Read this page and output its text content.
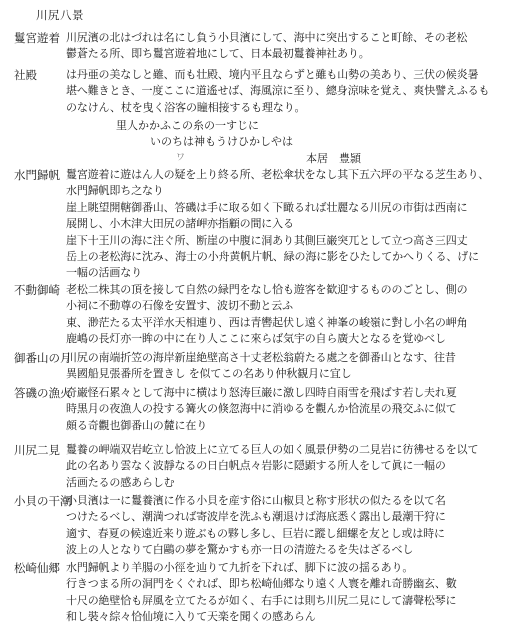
川尻八景
鬘宮遊着 川尻濱の北はづれは名にし負う小貝濱にして、海中に突出すること町餘、その老松
鬱蒼たる所、即ち鬘宮遊着地にして、日本最初鬘養神社あり。
社殿	は丹亜の美なしと雖、而も壮殿、境内平且ならずと雖も山勢の美あり、三伏の候炎暑
堪へ難きとき、一度ここに道遙せば、海風涼に至り、總身涼味を覚え、爽快譬えふるも
のなけん、杖を曳く浴客の瞳相接するも理なり。
水門歸帆 鬘宮遊着に遊はん人の疑を上り終る所、老松傘状をなし其下五六坪の平なる芝生あり、
水門歸帆即ち之なり
崖上眺望開轄御番山、答磯は手に取る如く下瞰るれば壮麗なる川尻の市街は西南に
展開し、小木津大田尻の諸岬亦指顧の間に入る
崖下十王川の海に注ぐ所、断崖の中腹に洞あり其側巨巌突兀として立つ高さ三四丈
岳上の老松海に沈み、海士の小舟黄帆片帆、緑の海に影をひたしてかへりくる、げに
一幅の活画なり
不動御崎 老松二株其の頂を接して自然の緑門をなし恰も遊客を歓迎するもののごとし、側の
小祠に不動尊の石像を安置す、波切不動と云ふ
東、渺茫たる太平洋水天相連り、西は青轡起伏し遠く神峯の峻嶺に對し小名の岬角
鹿嶋の長灯亦一眸の中に在り人ここに來らば気宇の自ら廣大となるを覚ゆべし
御番山の月
川尻の南端折笠の海岸新崖絶壁高さ十丈老松翁蔚たる處之を御番山となす、往昔
異國船見張番所を置きし を似てこの名あり仲秋観月に宜し
答磯の漁火
奇巌怪石累々として海中に横はり怒涛巨巌に激し四時自雨雪を飛ばす若し夫れ夏
時黒月の夜漁人の投する篝火の倏忽海中に消ゆるを觀んか恰流星の飛交ふに似て
頗る奇觀也御番山の麓に在り
川尻二見 鬘養の岬端双岩屹立し恰波上に立てる巨人の如く風景伊勢の二見岩に彷彿せるを以て
此の名あり雲なく波靜なるの日白帆点々岩影に隠顕する所人をして眞に一幅の
活画たるの感あらしむ
小貝の干潮
小貝濱は一に鬘養濱に作る小貝を産す俗に山椒貝と称す形状の似たるを以て名
つけたるべし、潮満つれば寄波岸を洗ふも潮退けば海底悉く露出し最潮干狩に
適す、春夏の候遠近来り遊ぶもの夥し多し、巨岩に蹤し細螺を友とし或は時に
波上の人となりて白鷗の夢を驚かすも亦一日の清遊たるを失はざるべし
松崎仙郷 水門歸帆より羊腸の小徑を辿りて九折を下れば、脚下に波の揺るあり。
行きつまる所の洞門をくぐれば、即ち松崎仙郷なり遠く人寰を離れ奇勝幽玄、數
十尺の絶壁恰も屏風を立てたるが如く、右手には則ち川尻二見にして濤聲松琴に
和し裝々綜々恰仙境に入りて天楽を聞くの感あらん
里人かかふこの糸の一すじに
いのちは神もうけひかしやは
ワ	本居　豊頴
